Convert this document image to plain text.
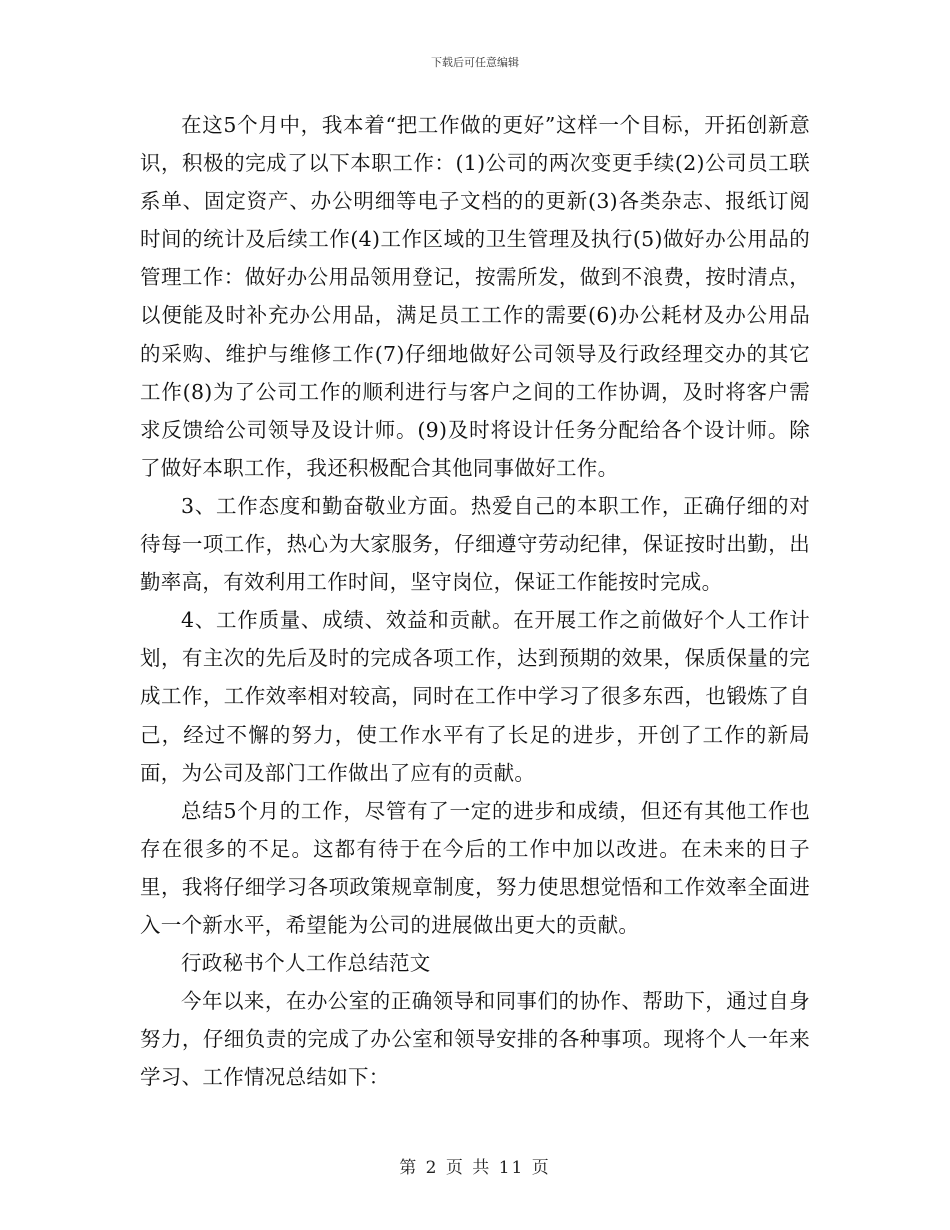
下载后可任意编辑

在这5个月中，我本着“把工作做的更好”这样一个目标，开拓创新意识，积极的完成了以下本职工作：(1)公司的两次变更手续(2)公司员工联系单、固定资产、办公明细等电子文档的的更新(3)各类杂志、报纸订阅时间的统计及后续工作(4)工作区域的卫生管理及执行(5)做好办公用品的管理工作：做好办公用品领用登记，按需所发，做到不浪费，按时清点，以便能及时补充办公用品，满足员工工作的需要(6)办公耗材及办公用品的采购、维护与维修工作(7)仔细地做好公司领导及行政经理交办的其它工作(8)为了公司工作的顺利进行与客户之间的工作协调，及时将客户需求反馈给公司领导及设计师。(9)及时将设计任务分配给各个设计师。除了做好本职工作，我还积极配合其他同事做好工作。

3、工作态度和勤奋敬业方面。热爱自己的本职工作，正确仔细的对待每一项工作，热心为大家服务，仔细遵守劳动纪律，保证按时出勤，出勤率高，有效利用工作时间，坚守岗位，保证工作能按时完成。

4、工作质量、成绩、效益和贡献。在开展工作之前做好个人工作计划，有主次的先后及时的完成各项工作，达到预期的效果，保质保量的完成工作，工作效率相对较高，同时在工作中学习了很多东西，也锻炼了自己，经过不懈的努力，使工作水平有了长足的进步，开创了工作的新局面，为公司及部门工作做出了应有的贡献。

总结5个月的工作，尽管有了一定的进步和成绩，但还有其他工作也存在很多的不足。这都有待于在今后的工作中加以改进。在未来的日子里，我将仔细学习各项政策规章制度，努力使思想觉悟和工作效率全面进入一个新水平，希望能为公司的进展做出更大的贡献。

行政秘书个人工作总结范文

今年以来，在办公室的正确领导和同事们的协作、帮助下，通过自身努力，仔细负责的完成了办公室和领导安排的各种事项。现将个人一年来学习、工作情况总结如下：

第 2 页 共 11 页
